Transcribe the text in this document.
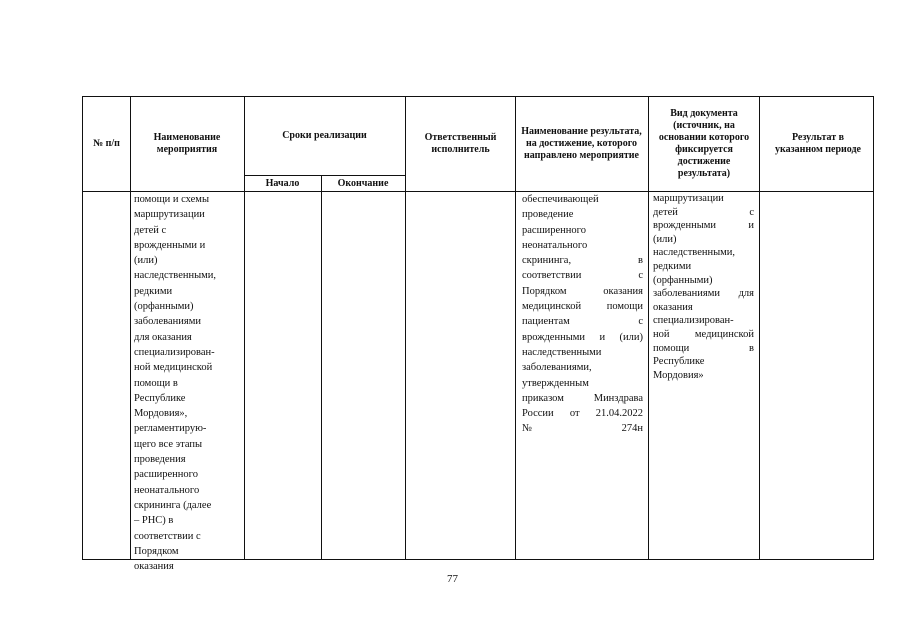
№ п/п
Наименование мероприятия
Сроки реализации
Начало	Окончание
Ответственный исполнитель
Наименование результата, на достижение, которого направлено мероприятие
Вид документа (источник, на основании которого фиксируется достижение результата)
Результат в указанном периоде

помощи и схемы

маршрутизации

детей с

врожденными и

(или)

наследственными,

редкими

(орфанными)

заболеваниями

для оказания

специализирован-

ной медицинской

помощи в

Республике

Мордовия»,

регламентирую-

щего все этапы

проведения

расширенного

неонатального

скрининга (далее

– РНС) в

соответствии с

Порядком

оказания

обеспечивающей

проведение

расширенного

неонатального

скрининга, в

соответствии с

Порядком оказания

медицинской помощи

пациентам с

врожденными и (или)

наследственными

заболеваниями,

утвержденным

приказом Минздрава

России от 21.04.2022

№ 274н

маршрутизации

детей с

врожденными и

(или)

наследственными,

редкими

(орфанными)

заболеваниями для

оказания

специализирован-

ной медицинской

помощи в

Республике

Мордовия»

77
